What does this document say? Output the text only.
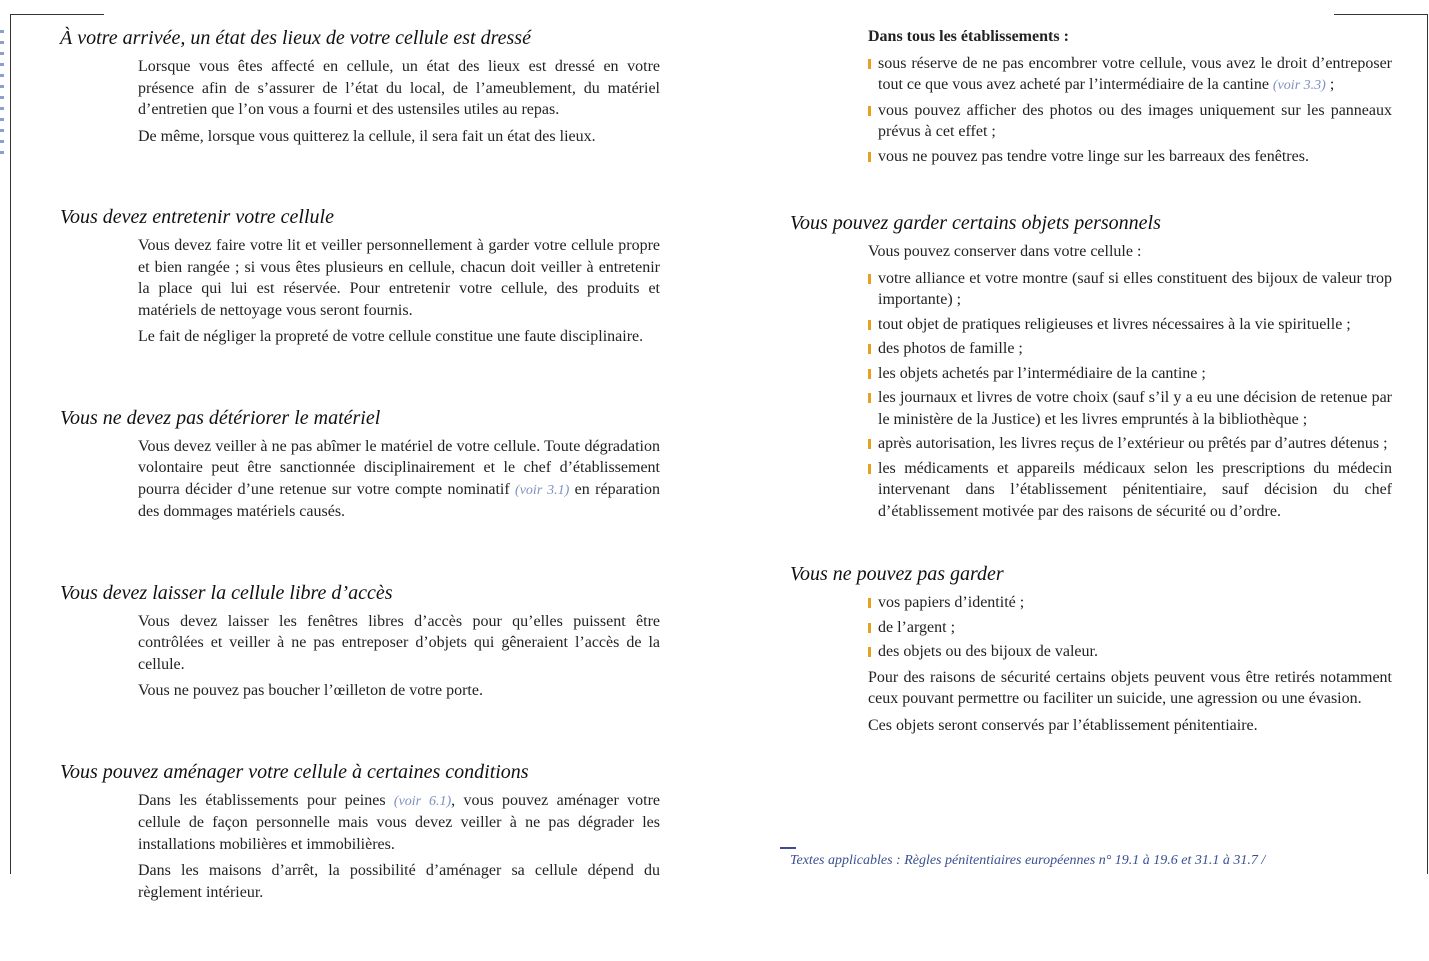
À votre arrivée, un état des lieux de votre cellule est dressé

Lorsque vous êtes affecté en cellule, un état des lieux est dressé en votre présence afin de s’assurer de l’état du local, de l’ameublement, du matériel d’entretien que l’on vous a fourni et des ustensiles utiles au repas.

De même, lorsque vous quitterez la cellule, il sera fait un état des lieux.

Vous devez entretenir votre cellule

Vous devez faire votre lit et veiller personnellement à garder votre cellule propre et bien rangée ; si vous êtes plusieurs en cellule, chacun doit veiller à entretenir la place qui lui est réservée. Pour entretenir votre cellule, des produits et matériels de nettoyage vous seront fournis.

Le fait de négliger la propreté de votre cellule constitue une faute disciplinaire.

Vous ne devez pas détériorer le matériel

Vous devez veiller à ne pas abîmer le matériel de votre cellule. Toute dégradation volontaire peut être sanctionnée disciplinairement et le chef d’établissement pourra décider d’une retenue sur votre compte nominatif (voir 3.1) en réparation des dommages matériels causés.

Vous devez laisser la cellule libre d’accès

Vous devez laisser les fenêtres libres d’accès pour qu’elles puissent être contrôlées et veiller à ne pas entreposer d’objets qui gêneraient l’accès de la cellule.

Vous ne pouvez pas boucher l’œilleton de votre porte.

Vous pouvez aménager votre cellule à certaines conditions

Dans les établissements pour peines (voir 6.1), vous pouvez aménager votre cellule de façon personnelle mais vous devez veiller à ne pas dégrader les installations mobilières et immobilières.

Dans les maisons d’arrêt, la possibilité d’aménager sa cellule dépend du règlement intérieur.

Dans tous les établissements :

sous réserve de ne pas encombrer votre cellule, vous avez le droit d’entreposer tout ce que vous avez acheté par l’intermédiaire de la cantine (voir 3.3) ;
vous pouvez afficher des photos ou des images uniquement sur les panneaux prévus à cet effet ;
vous ne pouvez pas tendre votre linge sur les barreaux des fenêtres.
Vous pouvez garder certains objets personnels

Vous pouvez conserver dans votre cellule :

votre alliance et votre montre (sauf si elles constituent des bijoux de valeur trop importante) ;
tout objet de pratiques religieuses et livres nécessaires à la vie spirituelle ;
des photos de famille ;
les objets achetés par l’intermédiaire de la cantine ;
les journaux et livres de votre choix (sauf s’il y a eu une décision de retenue par le ministère de la Justice) et les livres empruntés à la bibliothèque ;
après autorisation, les livres reçus de l’extérieur ou prêtés par d’autres détenus ;
les médicaments et appareils médicaux selon les prescriptions du médecin intervenant dans l’établissement pénitentiaire, sauf décision du chef d’établissement motivée par des raisons de sécurité ou d’ordre.
Vous ne pouvez pas garder
vos papiers d’identité ;
de l’argent ;
des objets ou des bijoux de valeur.

Pour des raisons de sécurité certains objets peuvent vous être retirés notamment ceux pouvant permettre ou faciliter un suicide, une agression ou une évasion.

Ces objets seront conservés par l’établissement pénitentiaire.

Textes applicables : Règles pénitentiaires européennes n° 19.1 à 19.6 et 31.1 à 31.7 /
